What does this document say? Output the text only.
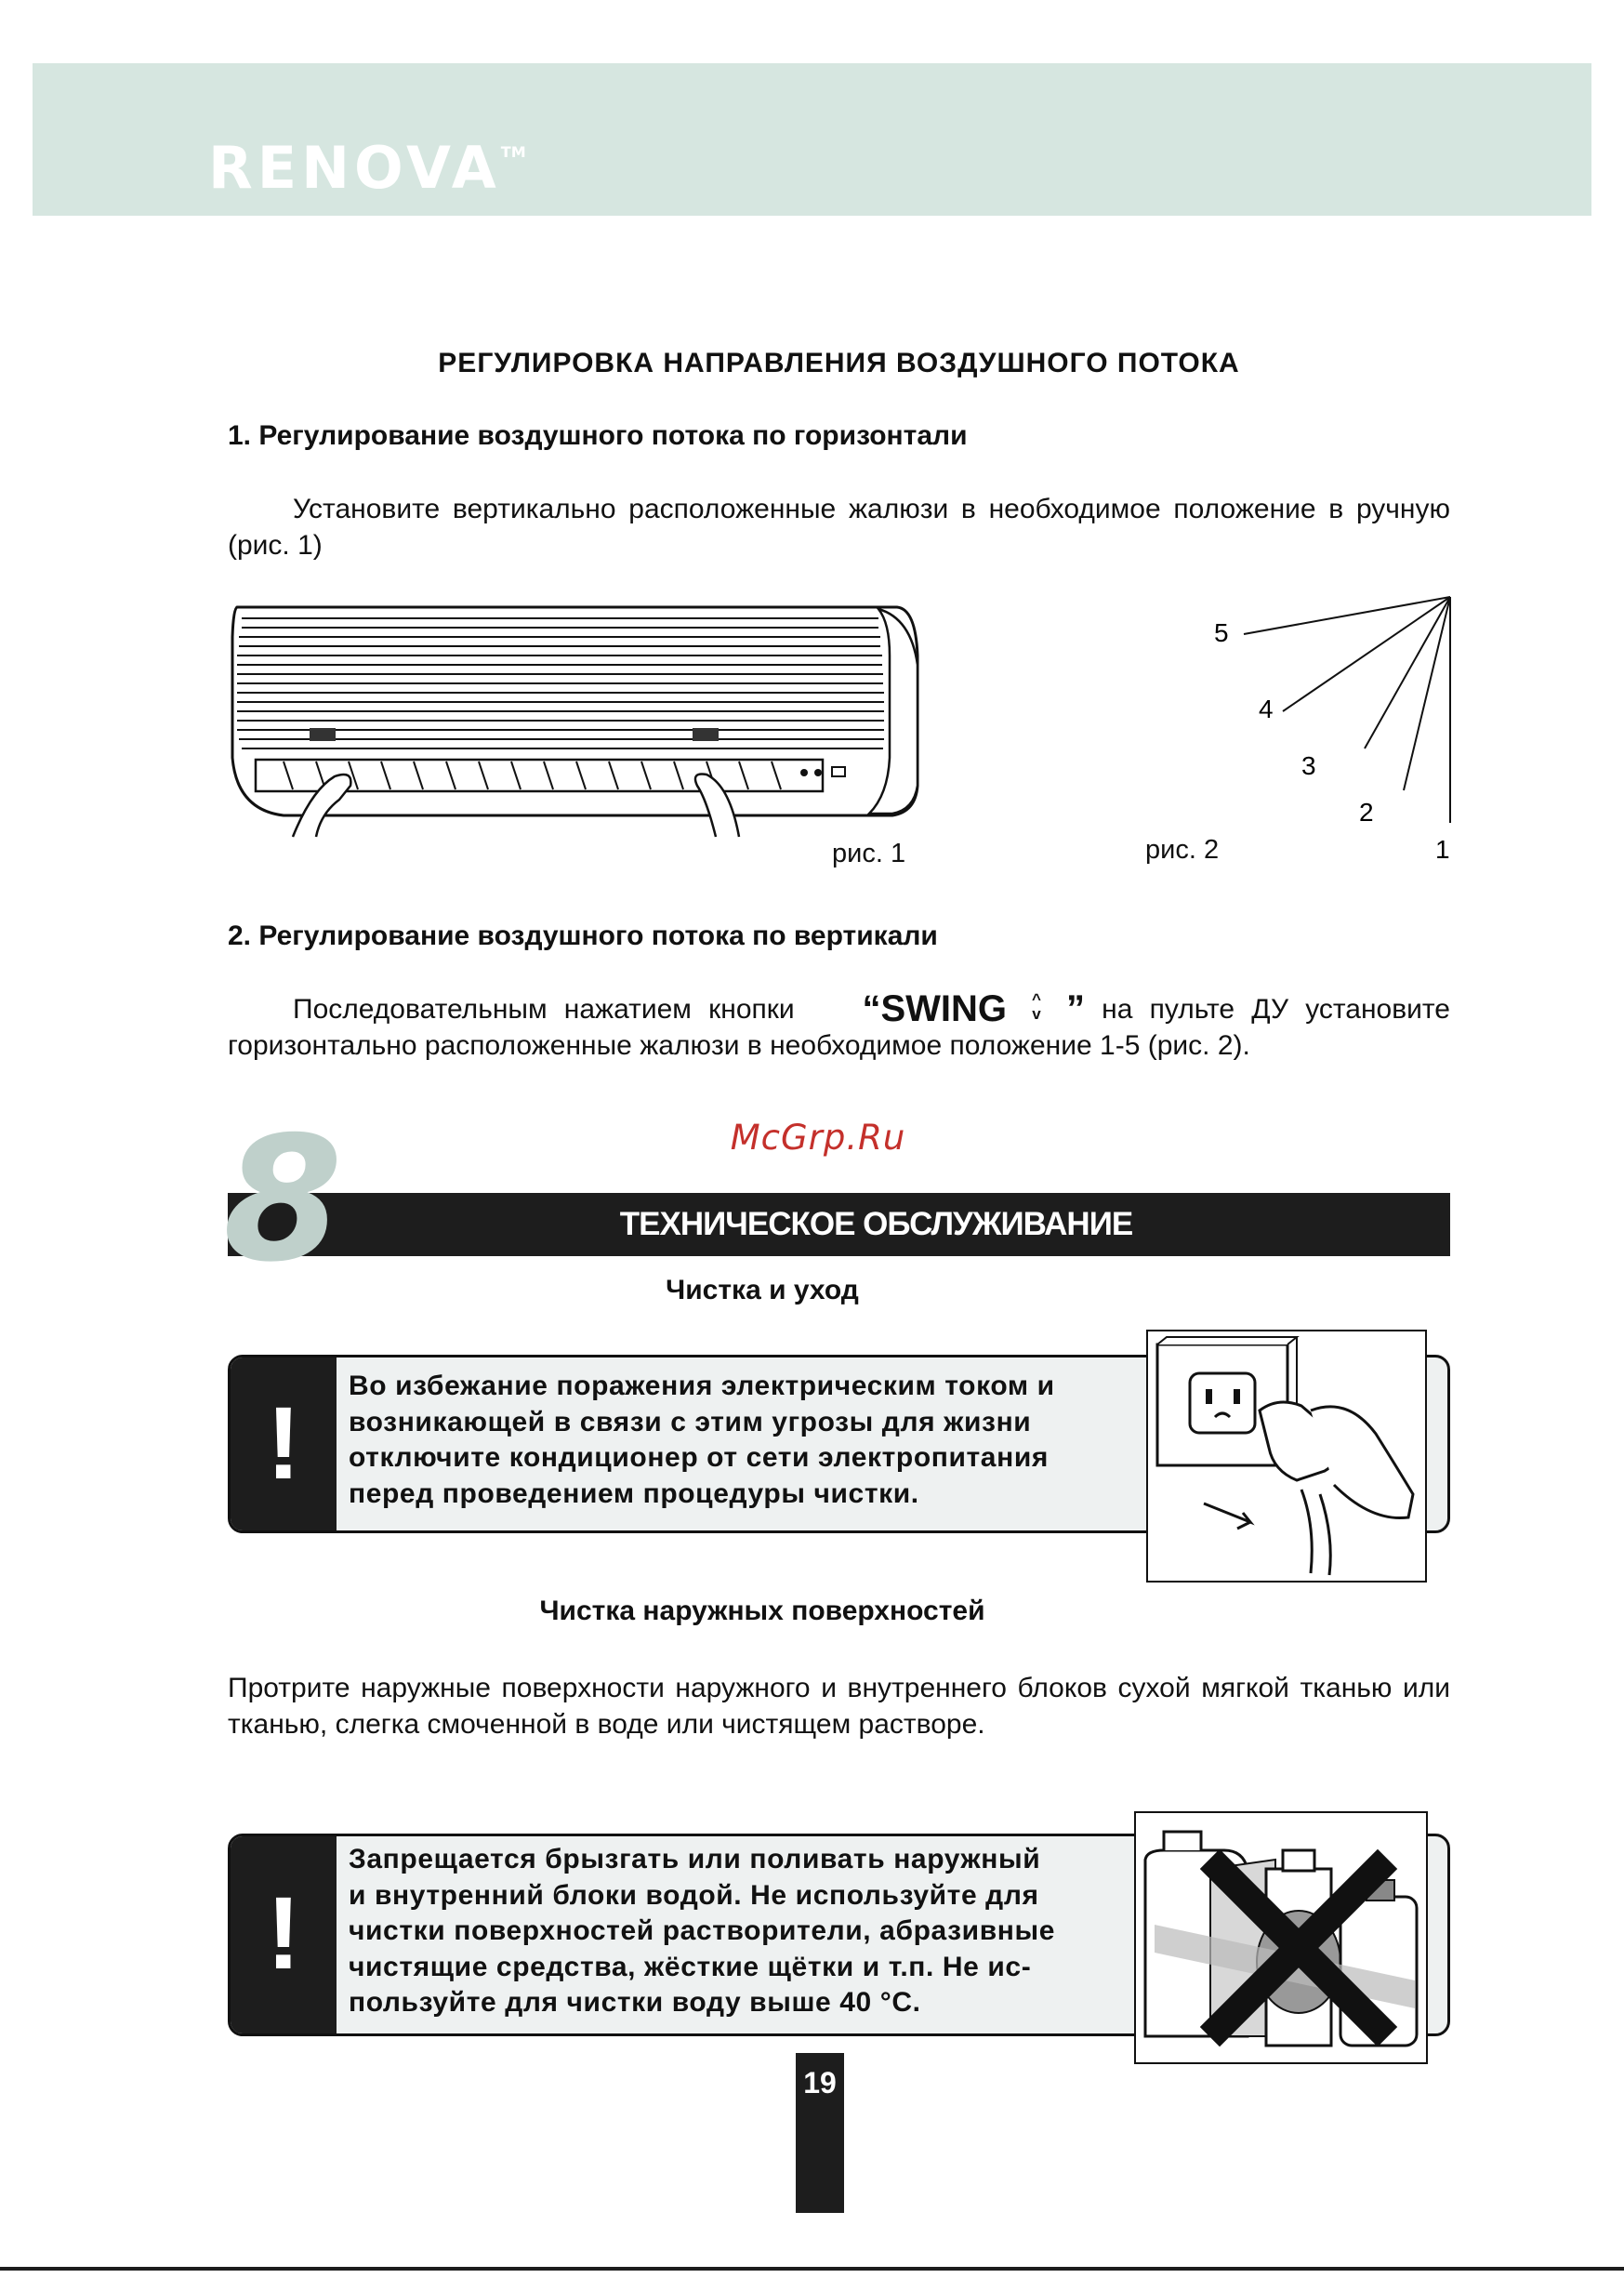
RENOVA™
РЕГУЛИРОВКА НАПРАВЛЕНИЯ ВОЗДУШНОГО ПОТОКА
1. Регулирование воздушного потока по горизонтали
Установите вертикально расположенные жалюзи в необходимое положение в ручную (рис. 1)
рис. 1
5
4
3
2
1
рис. 2
2. Регулирование воздушного потока по вертикали
Последовательным нажатием кнопки “SWING ^
v ” на пульте ДУ установите горизонтально расположенные жалюзи в необходимое положение 1-5 (рис. 2).
McGrp.Ru
8	ТЕХНИЧЕСКОЕ ОБСЛУЖИВАНИЕ
Чистка и уход
!
Во избежание поражения электрическим током и
возникающей в связи с этим угрозы для жизни
отключите кондиционер от сети электропитания
перед проведением процедуры чистки.
Чистка наружных поверхностей
Протрите наружные поверхности наружного и внутреннего блоков сухой мягкой тканью или тканью, слегка смоченной в воде или чистящем растворе.
!
Запрещается брызгать или поливать наружный
и внутренний блоки водой. Не используйте для
чистки поверхностей растворители, абразивные
чистящие средства, жёсткие щётки и т.п. Не ис-
пользуйте для чистки воду выше 40 °С.
19
